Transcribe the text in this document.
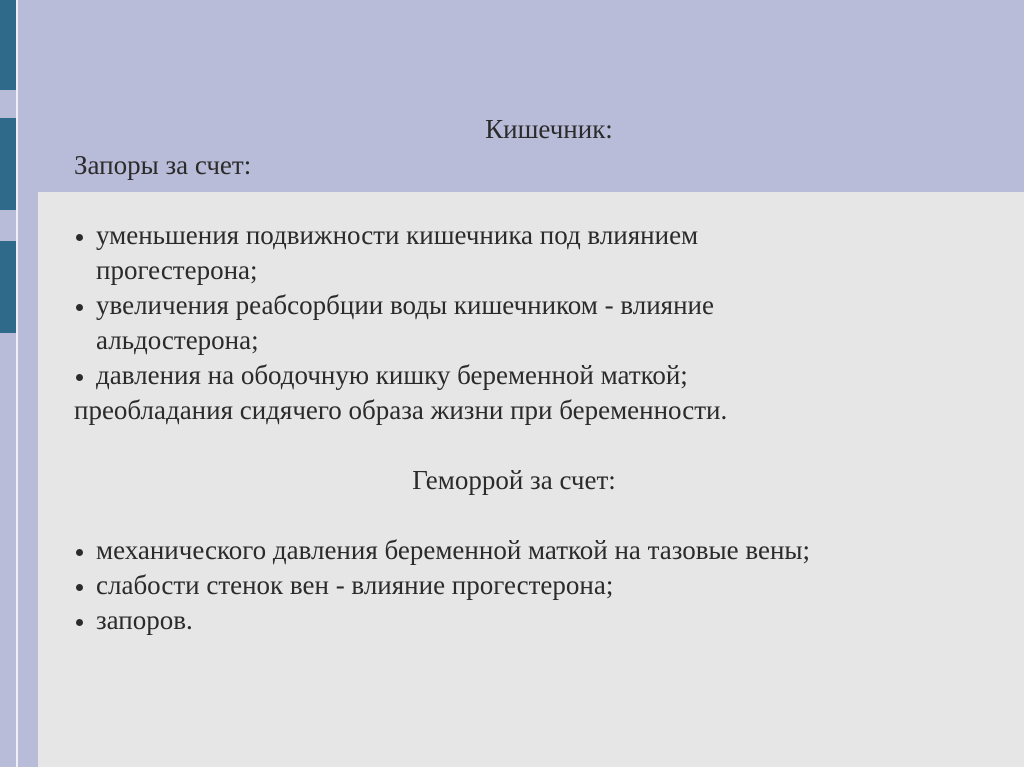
Кишечник:

Запоры за счет:

уменьшения подвижности кишечника под влиянием прогестерона;
увеличения реабсорбции воды кишечником - влияние альдостерона;
давления на ободочную кишку беременной маткой;

преобладания сидячего образа жизни при беременности.

Геморрой за счет:

механического давления беременной маткой на тазовые вены;
слабости стенок вен - влияние прогестерона;
запоров.
